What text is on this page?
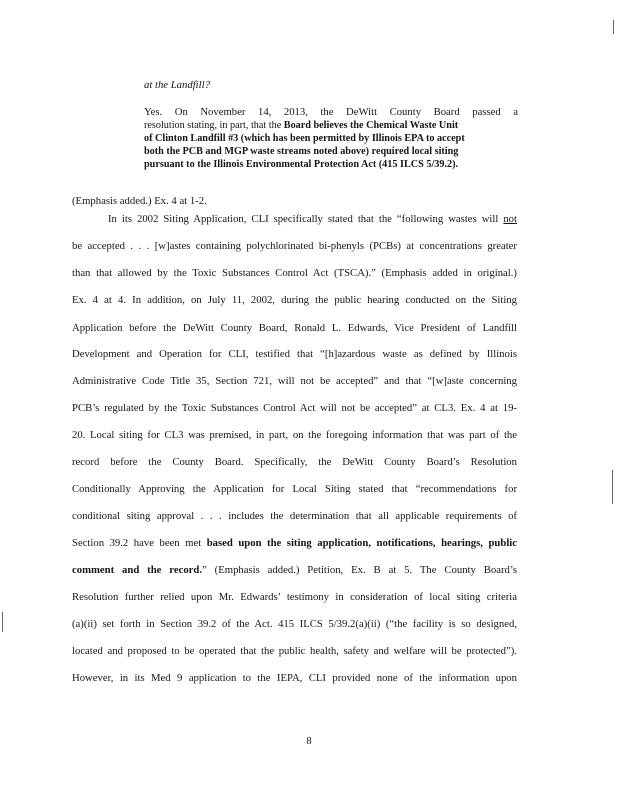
at the Landfill?
Yes. On November 14, 2013, the DeWitt County Board passed a
resolution stating, in part, that the Board believes the Chemical Waste Unit
of Clinton Landfill #3 (which has been permitted by Illinois EPA to accept
both the PCB and MGP waste streams noted above) required local siting
pursuant to the Illinois Environmental Protection Act (415 ILCS 5/39.2).
(Emphasis added.) Ex. 4 at 1-2.
In its 2002 Siting Application, CLI specifically stated that the “following wastes will not
be accepted . . . [w]astes containing polychlorinated bi-phenyls (PCBs) at concentrations greater
than that allowed by the Toxic Substances Control Act (TSCA).” (Emphasis added in original.)
Ex. 4 at 4. In addition, on July 11, 2002, during the public hearing conducted on the Siting
Application before the DeWitt County Board, Ronald L. Edwards, Vice President of Landfill
Development and Operation for CLI, testified that “[h]azardous waste as defined by Illinois
Administrative Code Title 35, Section 721, will not be accepted” and that “[w]aste concerning
PCB’s regulated by the Toxic Substances Control Act will not be accepted” at CL3. Ex. 4 at 19-
20. Local siting for CL3 was premised, in part, on the foregoing information that was part of the
record before the County Board. Specifically, the DeWitt County Board’s Resolution
Conditionally Approving the Application for Local Siting stated that “recommendations for
conditional siting approval . . . includes the determination that all applicable requirements of
Section 39.2 have been met based upon the siting application, notifications, hearings, public
comment and the record.” (Emphasis added.) Petition, Ex. B at 5. The County Board’s
Resolution further relied upon Mr. Edwards’ testimony in consideration of local siting criteria
(a)(ii) set forth in Section 39.2 of the Act. 415 ILCS 5/39.2(a)(ii) (“the facility is so designed,
located and proposed to be operated that the public health, safety and welfare will be protected”).
However, in its Med 9 application to the IEPA, CLI provided none of the information upon
8
